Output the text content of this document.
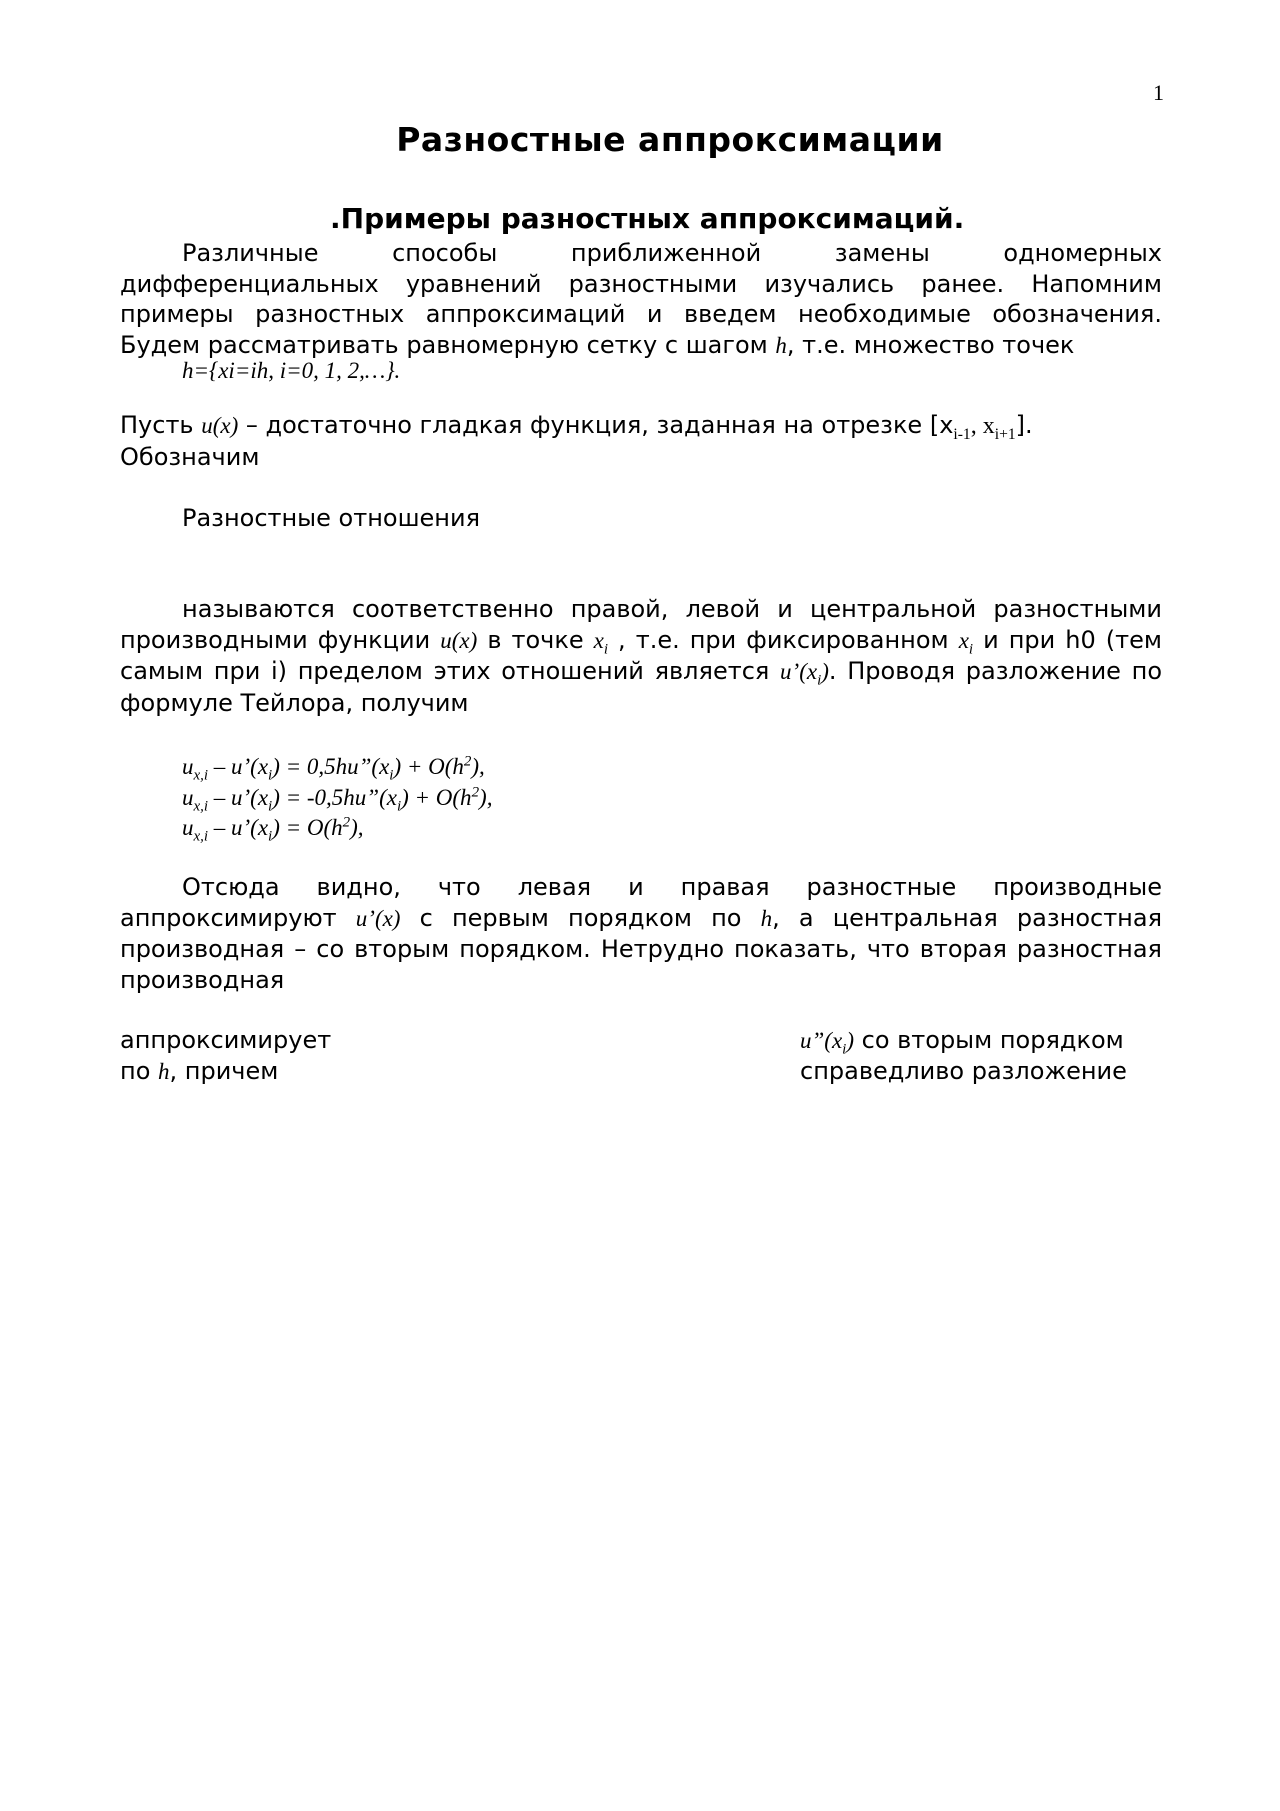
1
Разностные аппроксимации
.Примеры разностных аппроксимаций.
Различные способы приближенной замены одномерных дифференциальных уравнений разностными изучались ранее. Напомним примеры разностных аппроксимаций и введем необходимые обозначения. Будем рассматривать равномерную сетку с шагом h, т.е. множество точек
h={xi=ih, i=0, 1, 2,…}.
Пусть u(x) – достаточно гладкая функция, заданная на отрезке [$x_{i-1}$, $x_{i+1}$].
Обозначим
Разностные отношения
называются соответственно правой, левой и центральной разностными производными функции u(x) в точке $x_i$ , т.е. при фиксированном $x_i$ и при h0 (тем самым при i) пределом этих отношений является $u’(x_i)$. Проводя разложение по формуле Тейлора, получим
$u_{x,i}$ – $u’(x_i)$ = $0,5hu”(x_i) + O(h^2)$,
$u_{x,i}$ – $u’(x_i)$ = $-0,5hu”(x_i) + O(h^2)$,
$u_{x,i}$ – $u’(x_i) = O(h^2)$,
Отсюда видно, что левая и правая разностные производные аппроксимируют u’(x) с первым порядком по h, а центральная разностная производная – со вторым порядком. Нетрудно показать, что вторая разностная производная
аппроксимирует
по h, причем
$u”(x_i)$ со вторым порядком
справедливо разложение
